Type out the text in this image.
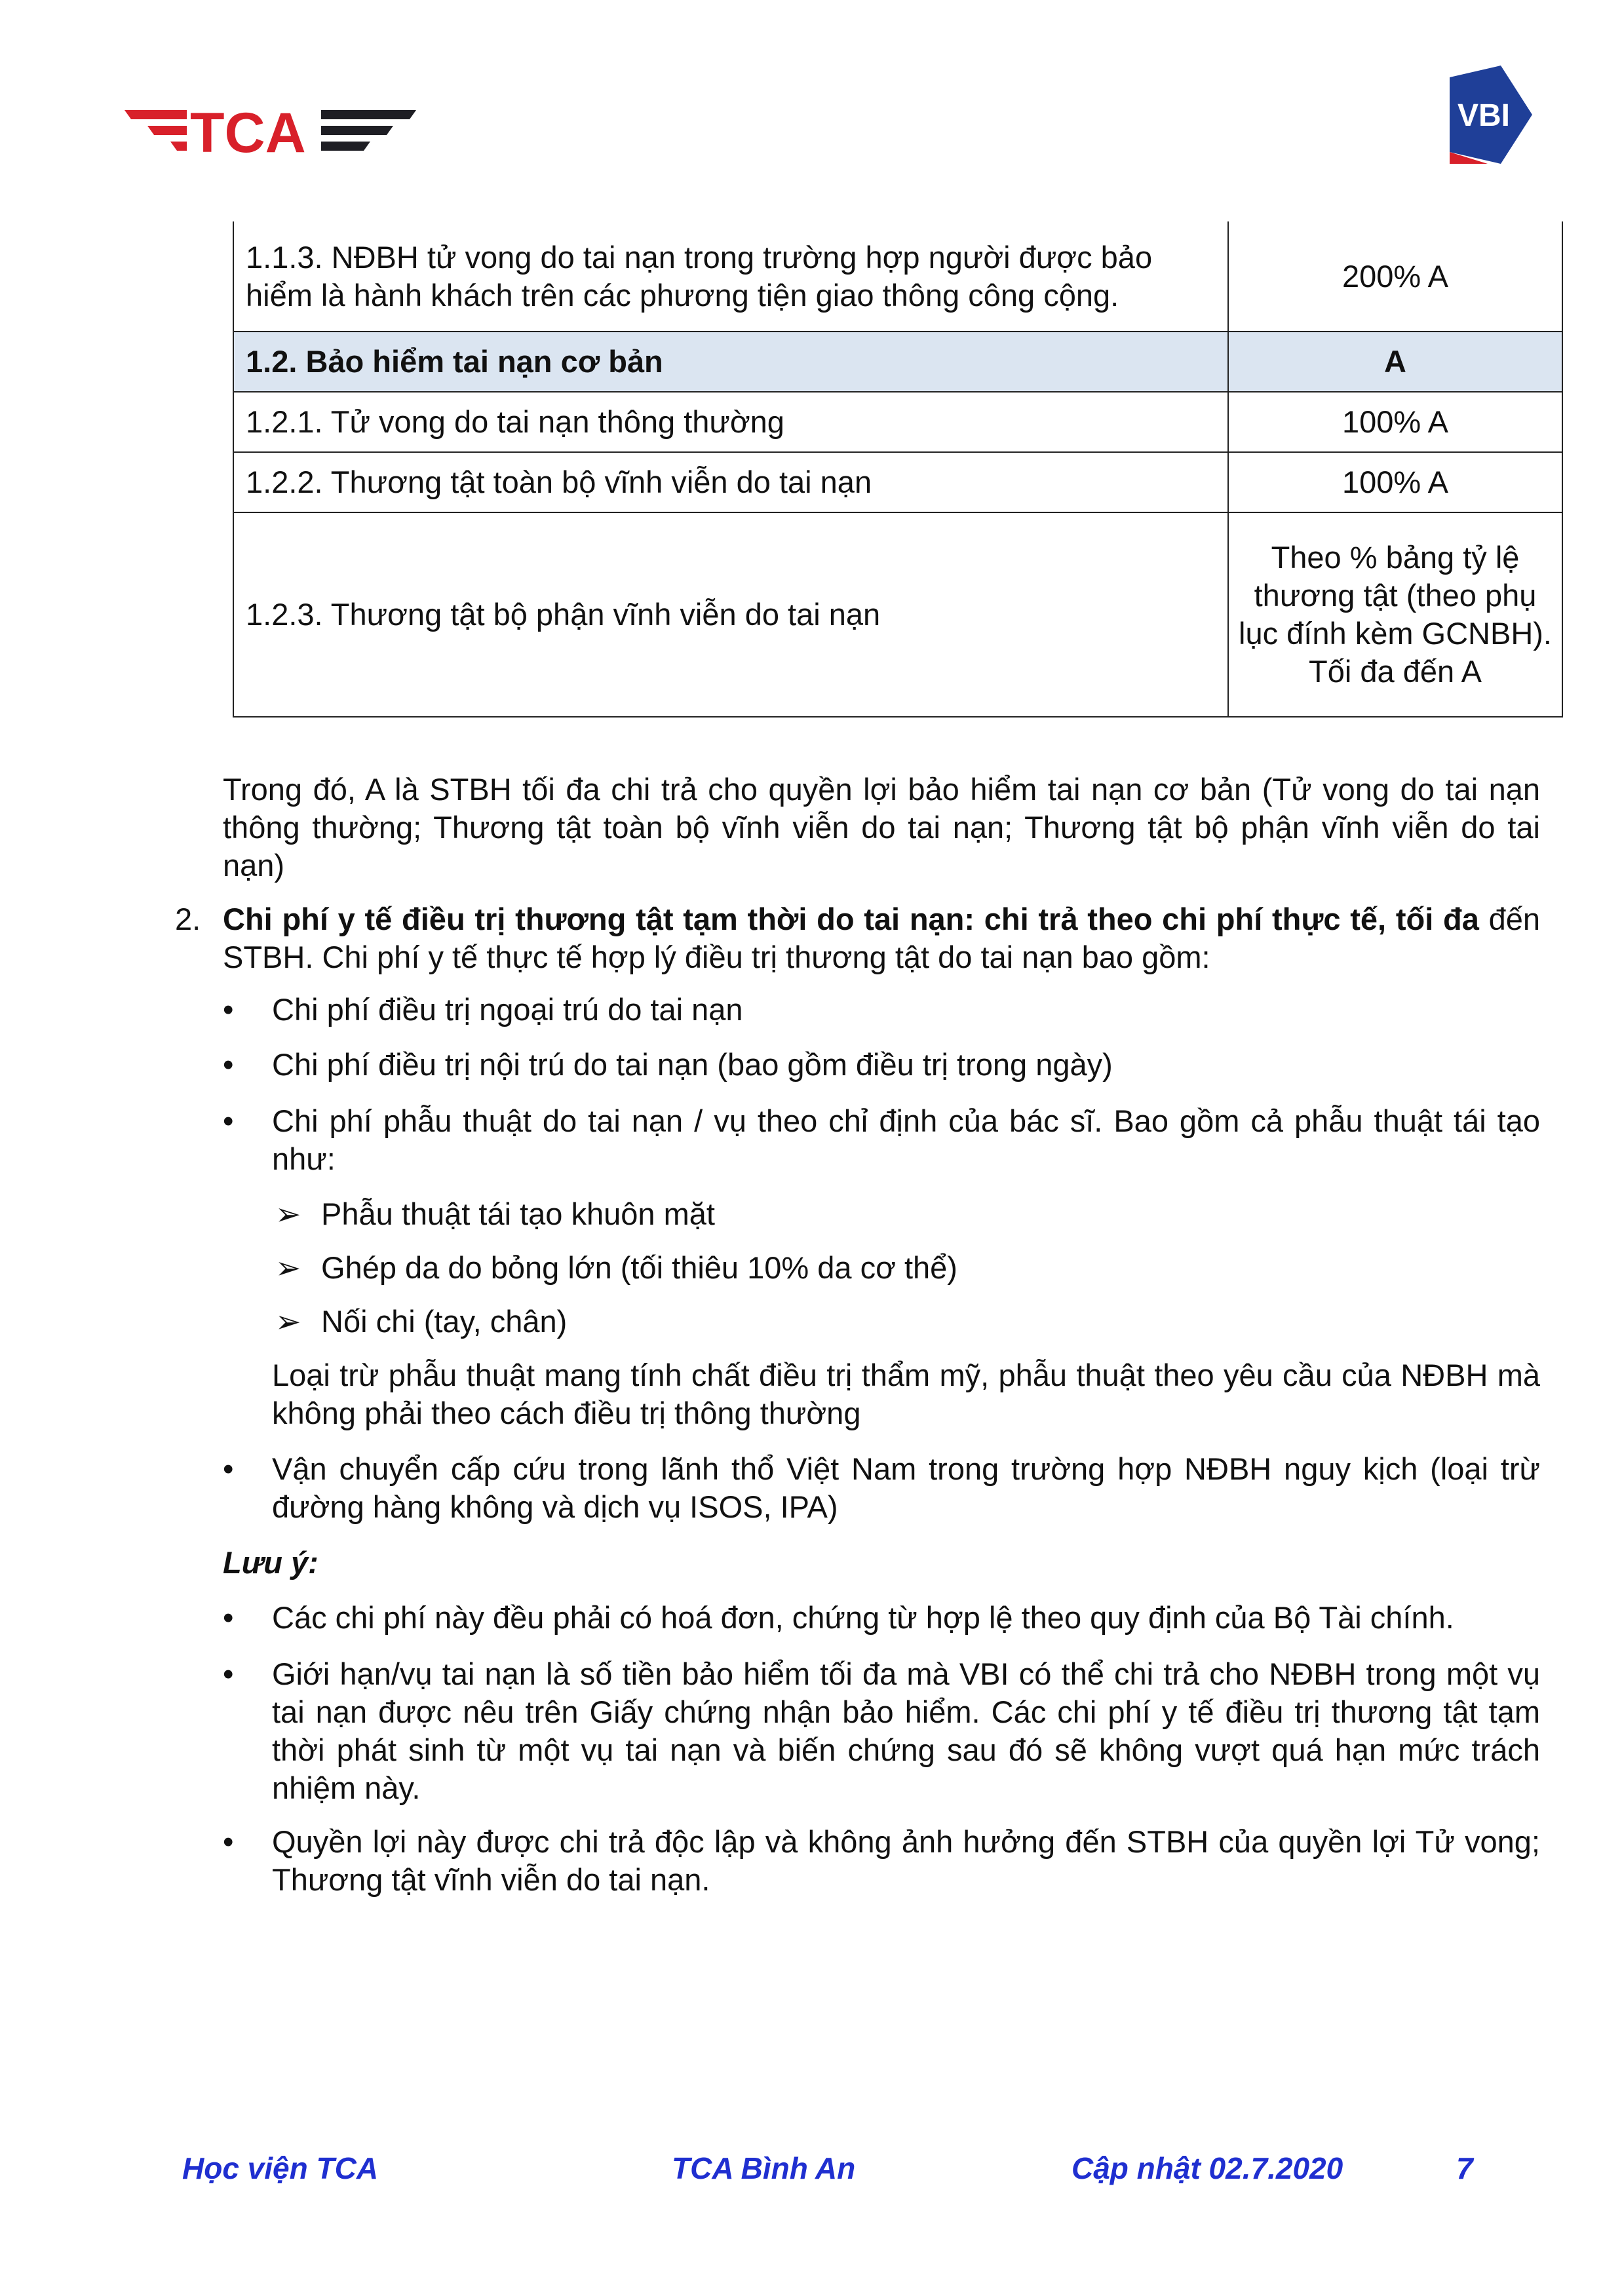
TCA	VBI
1.1.3. NĐBH tử vong do tai nạn trong trường hợp người được bảo hiểm là hành khách trên các phương tiện giao thông công cộng.	200% A
1.2. Bảo hiểm tai nạn cơ bản	A
1.2.1. Tử vong do tai nạn thông thường	100% A
1.2.2. Thương tật toàn bộ vĩnh viễn do tai nạn	100% A
1.2.3. Thương tật bộ phận vĩnh viễn do tai nạn	Theo % bảng tỷ lệ thương tật (theo phụ lục đính kèm GCNBH). Tối đa đến A
Trong đó, A là STBH tối đa chi trả cho quyền lợi bảo hiểm tai nạn cơ bản (Tử vong do tai nạn thông thường; Thương tật toàn bộ vĩnh viễn do tai nạn; Thương tật bộ phận vĩnh viễn do tai nạn)
2. Chi phí y tế điều trị thương tật tạm thời do tai nạn: chi trả theo chi phí thực tế, tối đa đến STBH. Chi phí y tế thực tế hợp lý điều trị thương tật do tai nạn bao gồm:
• Chi phí điều trị ngoại trú do tai nạn
• Chi phí điều trị nội trú do tai nạn (bao gồm điều trị trong ngày)
• Chi phí phẫu thuật do tai nạn / vụ theo chỉ định của bác sĩ. Bao gồm cả phẫu thuật tái tạo như:
➢ Phẫu thuật tái tạo khuôn mặt
➢ Ghép da do bỏng lớn (tối thiêu 10% da cơ thể)
➢ Nối chi (tay, chân)
Loại trừ phẫu thuật mang tính chất điều trị thẩm mỹ, phẫu thuật theo yêu cầu của NĐBH mà không phải theo cách điều trị thông thường
• Vận chuyển cấp cứu trong lãnh thổ Việt Nam trong trường hợp NĐBH nguy kịch (loại trừ đường hàng không và dịch vụ ISOS, IPA)
Lưu ý:
• Các chi phí này đều phải có hoá đơn, chứng từ hợp lệ theo quy định của Bộ Tài chính.
• Giới hạn/vụ tai nạn là số tiền bảo hiểm tối đa mà VBI có thể chi trả cho NĐBH trong một vụ tai nạn được nêu trên Giấy chứng nhận bảo hiểm. Các chi phí y tế điều trị thương tật tạm thời phát sinh từ một vụ tai nạn và biến chứng sau đó sẽ không vượt quá hạn mức trách nhiệm này.
• Quyền lợi này được chi trả độc lập và không ảnh hưởng đến STBH của quyền lợi Tử vong; Thương tật vĩnh viễn do tai nạn.
Học viện TCA	TCA Bình An	Cập nhật 02.7.2020	7
